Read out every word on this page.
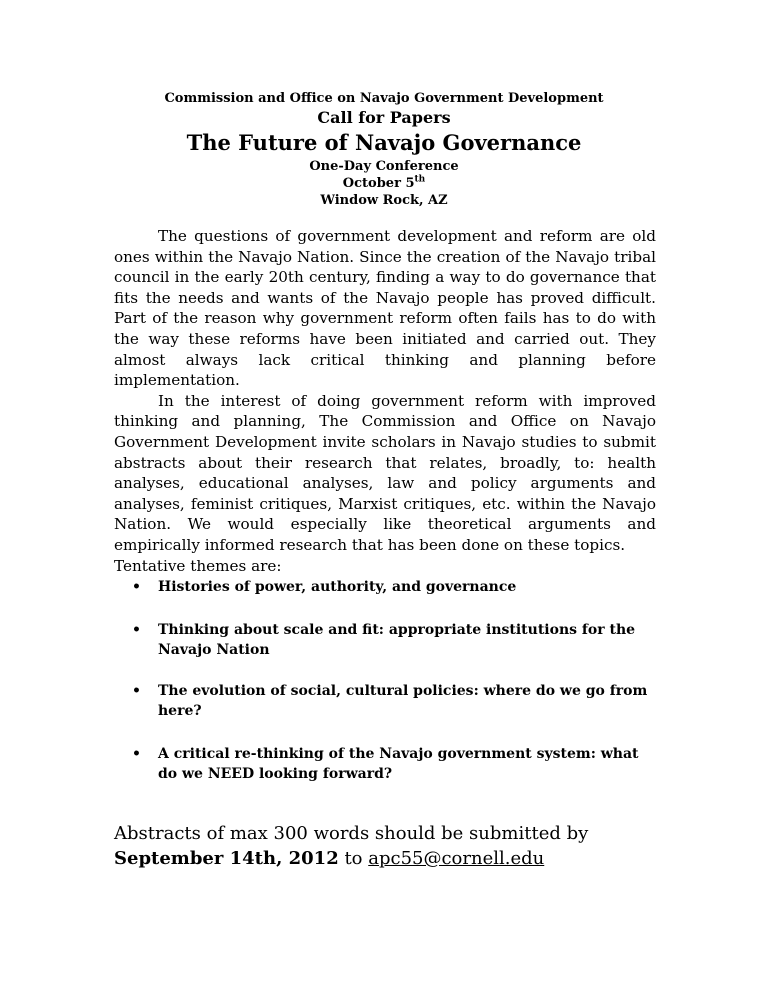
Commission and Office on Navajo Government Development
Call for Papers
The Future of Navajo Governance
One-Day Conference
October 5th
Window Rock, AZ

The questions of government development and reform are old ones within the Navajo Nation. Since the creation of the Navajo tribal council in the early 20th century, finding a way to do governance that fits the needs and wants of the Navajo people has proved difficult. Part of the reason why government reform often fails has to do with the way these reforms have been initiated and carried out. They almost always lack critical thinking and planning before implementation.

In the interest of doing government reform with improved thinking and planning, The Commission and Office on Navajo Government Development invite scholars in Navajo studies to submit abstracts about their research that relates, broadly, to: health analyses, educational analyses, law and policy arguments and analyses, feminist critiques, Marxist critiques, etc. within the Navajo Nation. We would especially like theoretical arguments and empirically informed research that has been done on these topics.

Tentative themes are:
• Histories of power, authority, and governance
• Thinking about scale and fit: appropriate institutions for the Navajo Nation
• The evolution of social, cultural policies: where do we go from here?
• A critical re-thinking of the Navajo government system: what do we NEED looking forward?
Abstracts of max 300 words should be submitted by
September 14th, 2012 to apc55@cornell.edu
